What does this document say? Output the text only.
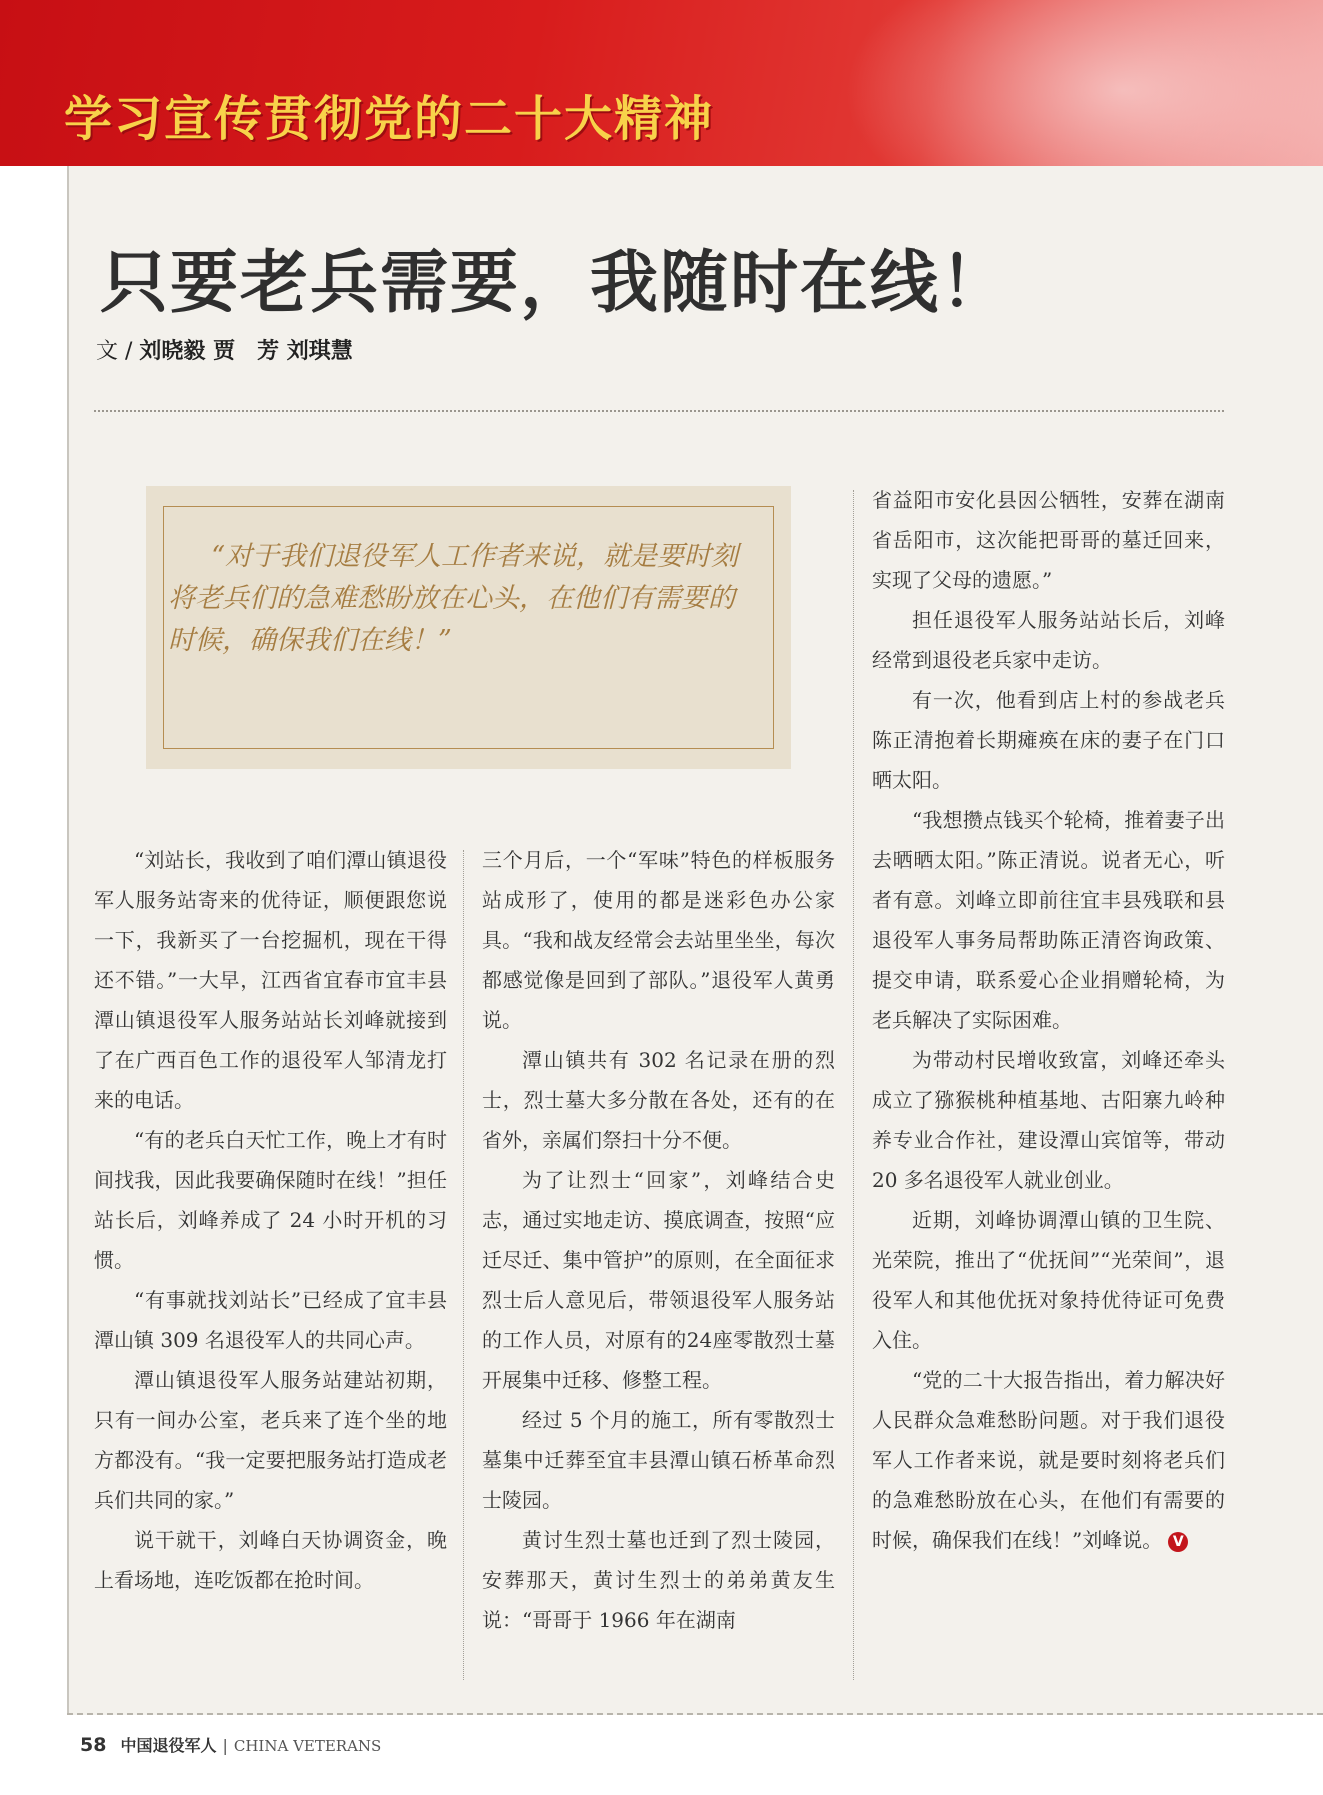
学习宣传贯彻党的二十大精神
只要老兵需要，我随时在线！
文 / 刘晓毅 贾　芳 刘琪慧
“对于我们退役军人工作者来说，就是要时刻将老兵们的急难愁盼放在心头，在他们有需要的时候，确保我们在线！”

“刘站长，我收到了咱们潭山镇退役军人服务站寄来的优待证，顺便跟您说一下，我新买了一台挖掘机，现在干得还不错。”一大早，江西省宜春市宜丰县潭山镇退役军人服务站站长刘峰就接到了在广西百色工作的退役军人邹清龙打来的电话。

“有的老兵白天忙工作，晚上才有时间找我，因此我要确保随时在线！”担任站长后，刘峰养成了 24 小时开机的习惯。

“有事就找刘站长”已经成了宜丰县潭山镇 309 名退役军人的共同心声。

潭山镇退役军人服务站建站初期，只有一间办公室，老兵来了连个坐的地方都没有。“我一定要把服务站打造成老兵们共同的家。”

说干就干，刘峰白天协调资金，晚上看场地，连吃饭都在抢时间。

三个月后，一个“军味”特色的样板服务站成形了，使用的都是迷彩色办公家具。“我和战友经常会去站里坐坐，每次都感觉像是回到了部队。”退役军人黄勇说。

潭山镇共有 302 名记录在册的烈士，烈士墓大多分散在各处，还有的在省外，亲属们祭扫十分不便。

为了让烈士“回家”，刘峰结合史志，通过实地走访、摸底调查，按照“应迁尽迁、集中管护”的原则，在全面征求烈士后人意见后，带领退役军人服务站的工作人员，对原有的24座零散烈士墓开展集中迁移、修整工程。

经过 5 个月的施工，所有零散烈士墓集中迁葬至宜丰县潭山镇石桥革命烈士陵园。

黄讨生烈士墓也迁到了烈士陵园，安葬那天，黄讨生烈士的弟弟黄友生说：“哥哥于 1966 年在湖南

省益阳市安化县因公牺牲，安葬在湖南省岳阳市，这次能把哥哥的墓迁回来，实现了父母的遗愿。”

担任退役军人服务站站长后，刘峰经常到退役老兵家中走访。

有一次，他看到店上村的参战老兵陈正清抱着长期瘫痪在床的妻子在门口晒太阳。

“我想攒点钱买个轮椅，推着妻子出去晒晒太阳。”陈正清说。说者无心，听者有意。刘峰立即前往宜丰县残联和县退役军人事务局帮助陈正清咨询政策、提交申请，联系爱心企业捐赠轮椅，为老兵解决了实际困难。

为带动村民增收致富，刘峰还牵头成立了猕猴桃种植基地、古阳寨九岭种养专业合作社，建设潭山宾馆等，带动 20 多名退役军人就业创业。

近期，刘峰协调潭山镇的卫生院、光荣院，推出了“优抚间”“光荣间”，退役军人和其他优抚对象持优待证可免费入住。

“党的二十大报告指出，着力解决好人民群众急难愁盼问题。对于我们退役军人工作者来说，就是要时刻将老兵们的急难愁盼放在心头，在他们有需要的时候，确保我们在线！”刘峰说。 V

58 中国退役军人 | CHINA VETERANS
